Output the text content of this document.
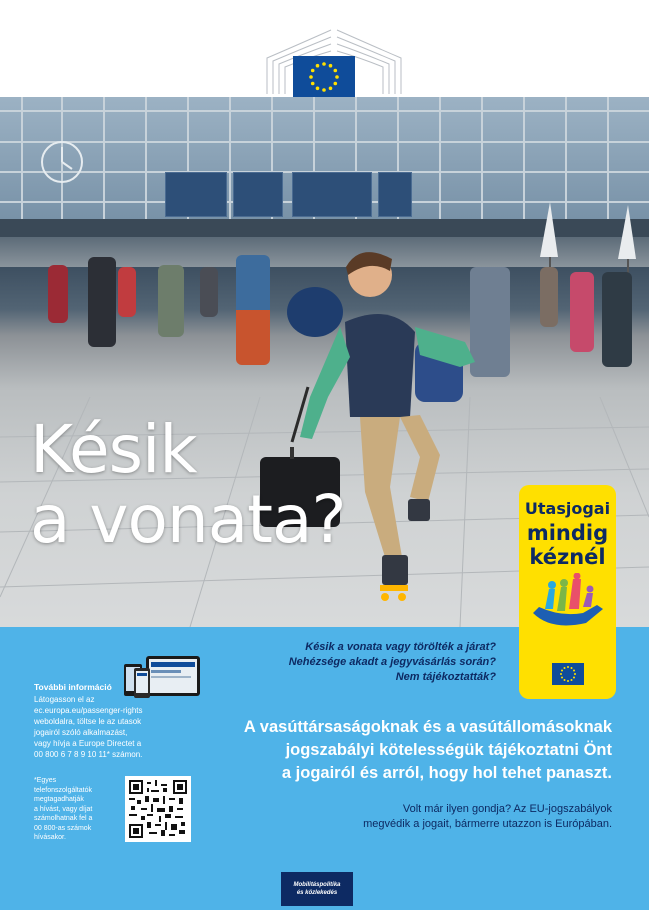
Késik
a vonata?	Utasjogai
mindig
kéznél
Késik a vonata vagy törölték a járat?
Nehézsége akadt a jegyvásárlás során?
Nem tájékoztatták?
A vasúttársaságoknak és a vasútállomásoknak
jogszabályi kötelességük tájékoztatni Önt
a jogairól és arról, hogy hol tehet panaszt.
Volt már ilyen gondja? Az EU-jogszabályok
megvédik a jogait, bármerre utazzon is Európában.
További információ
Látogasson el az
ec.europa.eu/passenger-rights
weboldalra, töltse le az utasok
jogairól szóló alkalmazást,
vagy hívja a Europe Directet a
00 800 6 7 8 9 10 11* számon.
*Egyes
telefonszolgáltatók
megtagadhatják
a hívást, vagy díjat
számolhatnak fel a
00 800-as számok
hívásakor.
Mobilitáspolitika
és közlekedés
